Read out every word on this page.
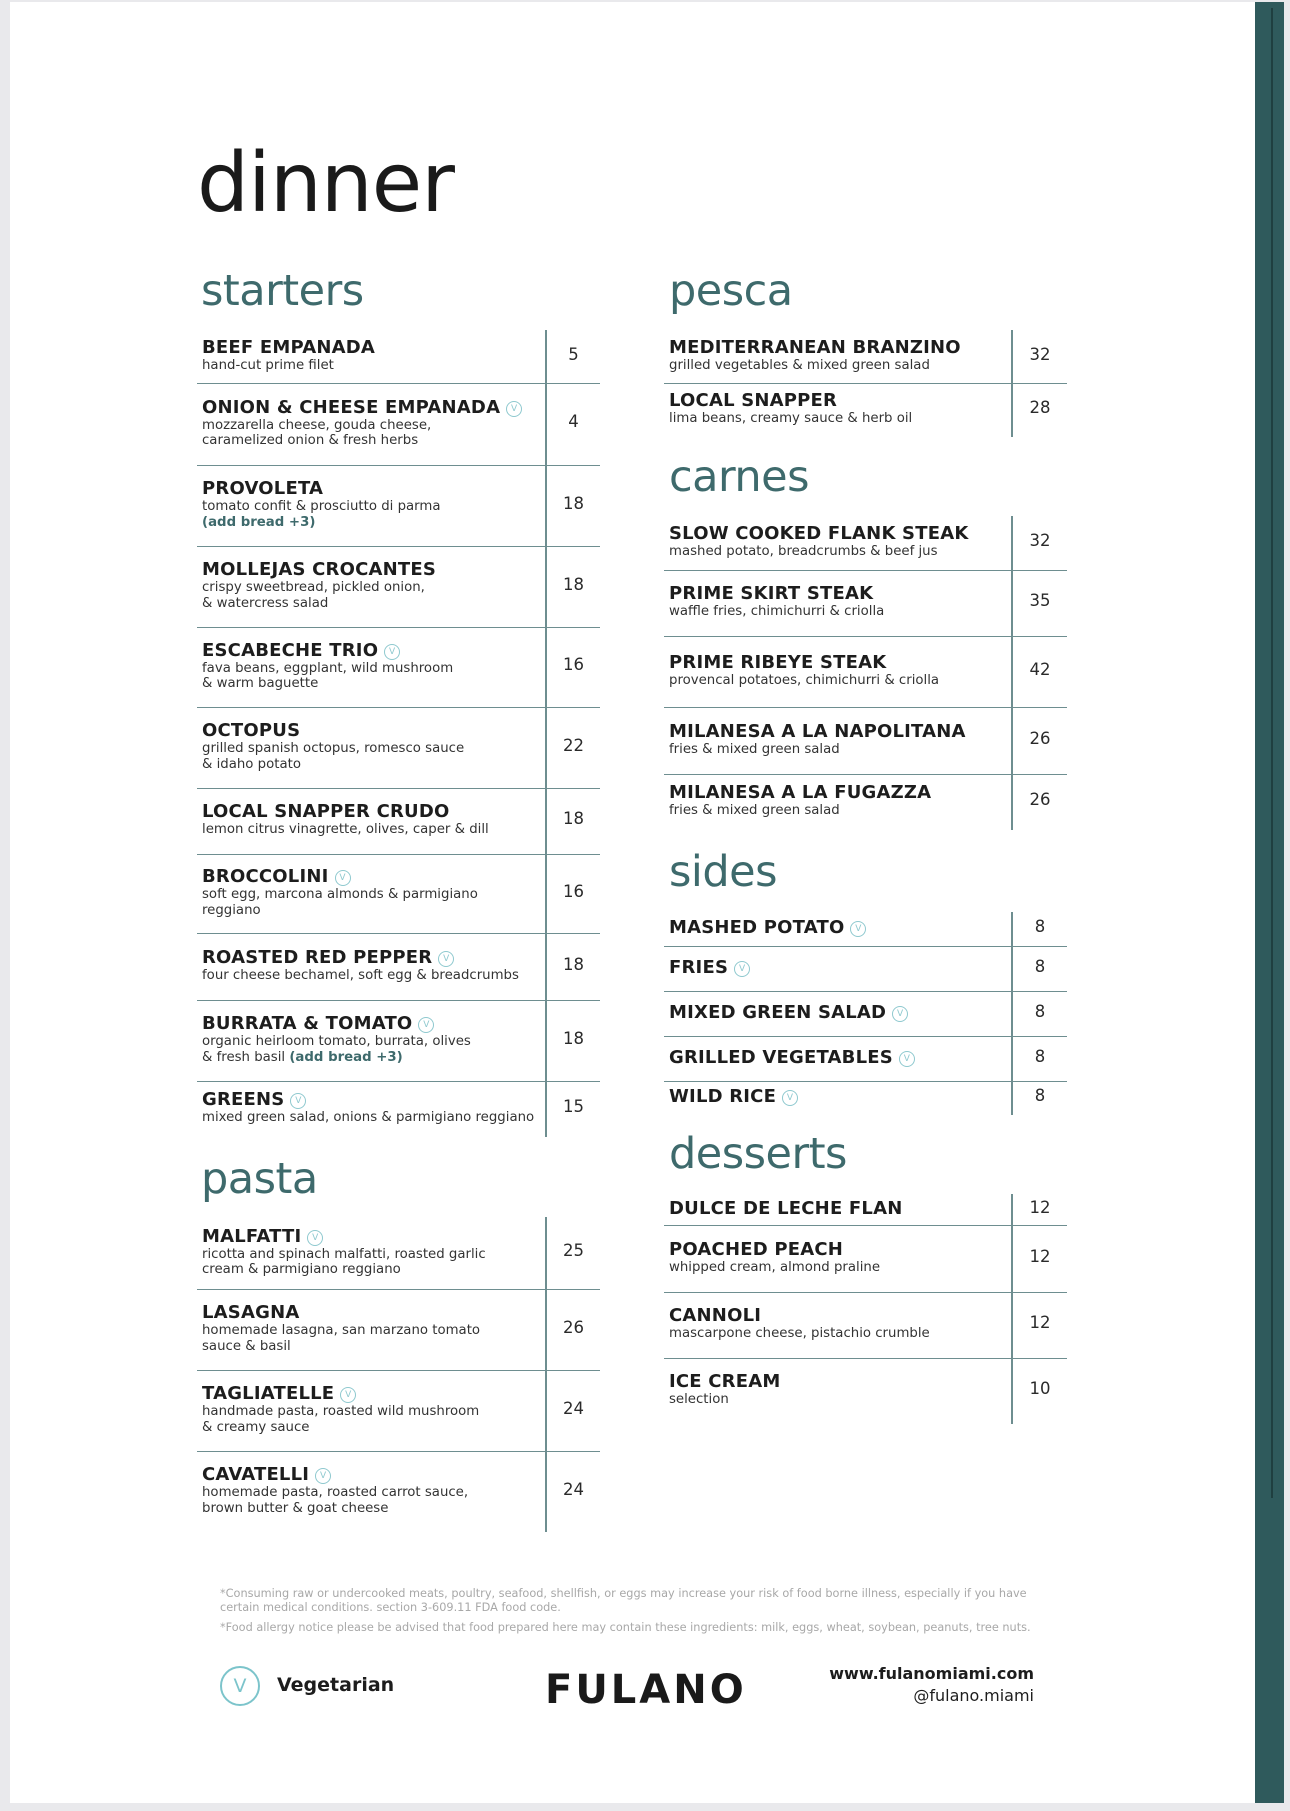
dinner
starters
BEEF EMPANADA
hand-cut prime filet
5
ONION & CHEESE EMPANADA V
mozzarella cheese, gouda cheese,
caramelized onion & fresh herbs
4
PROVOLETA
tomato confit & prosciutto di parma
(add bread +3)
18
MOLLEJAS CROCANTES
crispy sweetbread, pickled onion,
& watercress salad
18
ESCABECHE TRIO V
fava beans, eggplant, wild mushroom
& warm baguette
16
OCTOPUS
grilled spanish octopus, romesco sauce
& idaho potato
22
LOCAL SNAPPER CRUDO
lemon citrus vinagrette, olives, caper & dill
18
BROCCOLINI V
soft egg, marcona almonds & parmigiano
reggiano
16
ROASTED RED PEPPER V
four cheese bechamel, soft egg & breadcrumbs
18
BURRATA & TOMATO V
organic heirloom tomato, burrata, olives
& fresh basil (add bread +3)
18
GREENS V
mixed green salad, onions & parmigiano reggiano
15
pasta
MALFATTI V
ricotta and spinach malfatti, roasted garlic
cream & parmigiano reggiano
25
LASAGNA
homemade lasagna, san marzano tomato
sauce & basil
26
TAGLIATELLE V
handmade pasta, roasted wild mushroom
& creamy sauce
24
CAVATELLI V
homemade pasta, roasted carrot sauce,
brown butter & goat cheese
24
pesca
MEDITERRANEAN BRANZINO
grilled vegetables & mixed green salad
32
LOCAL SNAPPER
lima beans, creamy sauce & herb oil
28
carnes
SLOW COOKED FLANK STEAK
mashed potato, breadcrumbs & beef jus
32
PRIME SKIRT STEAK
waffle fries, chimichurri & criolla
35
PRIME RIBEYE STEAK
provencal potatoes, chimichurri & criolla
42
MILANESA A LA NAPOLITANA
fries & mixed green salad
26
MILANESA A LA FUGAZZA
fries & mixed green salad
26
sides
MASHED POTATO V	8
FRIES V	8
MIXED GREEN SALAD V	8
GRILLED VEGETABLES V	8
WILD RICE V	8
desserts
DULCE DE LECHE FLAN	12
POACHED PEACH
whipped cream, almond praline
12
CANNOLI
mascarpone cheese, pistachio crumble
12
ICE CREAM
selection
10

*Consuming raw or undercooked meats, poultry, seafood, shellfish, or eggs may increase your risk of food borne illness, especially if you have certain medical conditions. section 3-609.11 FDA food code.

*Food allergy notice please be advised that food prepared here may contain these ingredients: milk, eggs, wheat, soybean, peanuts, tree nuts.

V	Vegetarian	FULANO	www.fulanomiami.com
@fulano.miami
